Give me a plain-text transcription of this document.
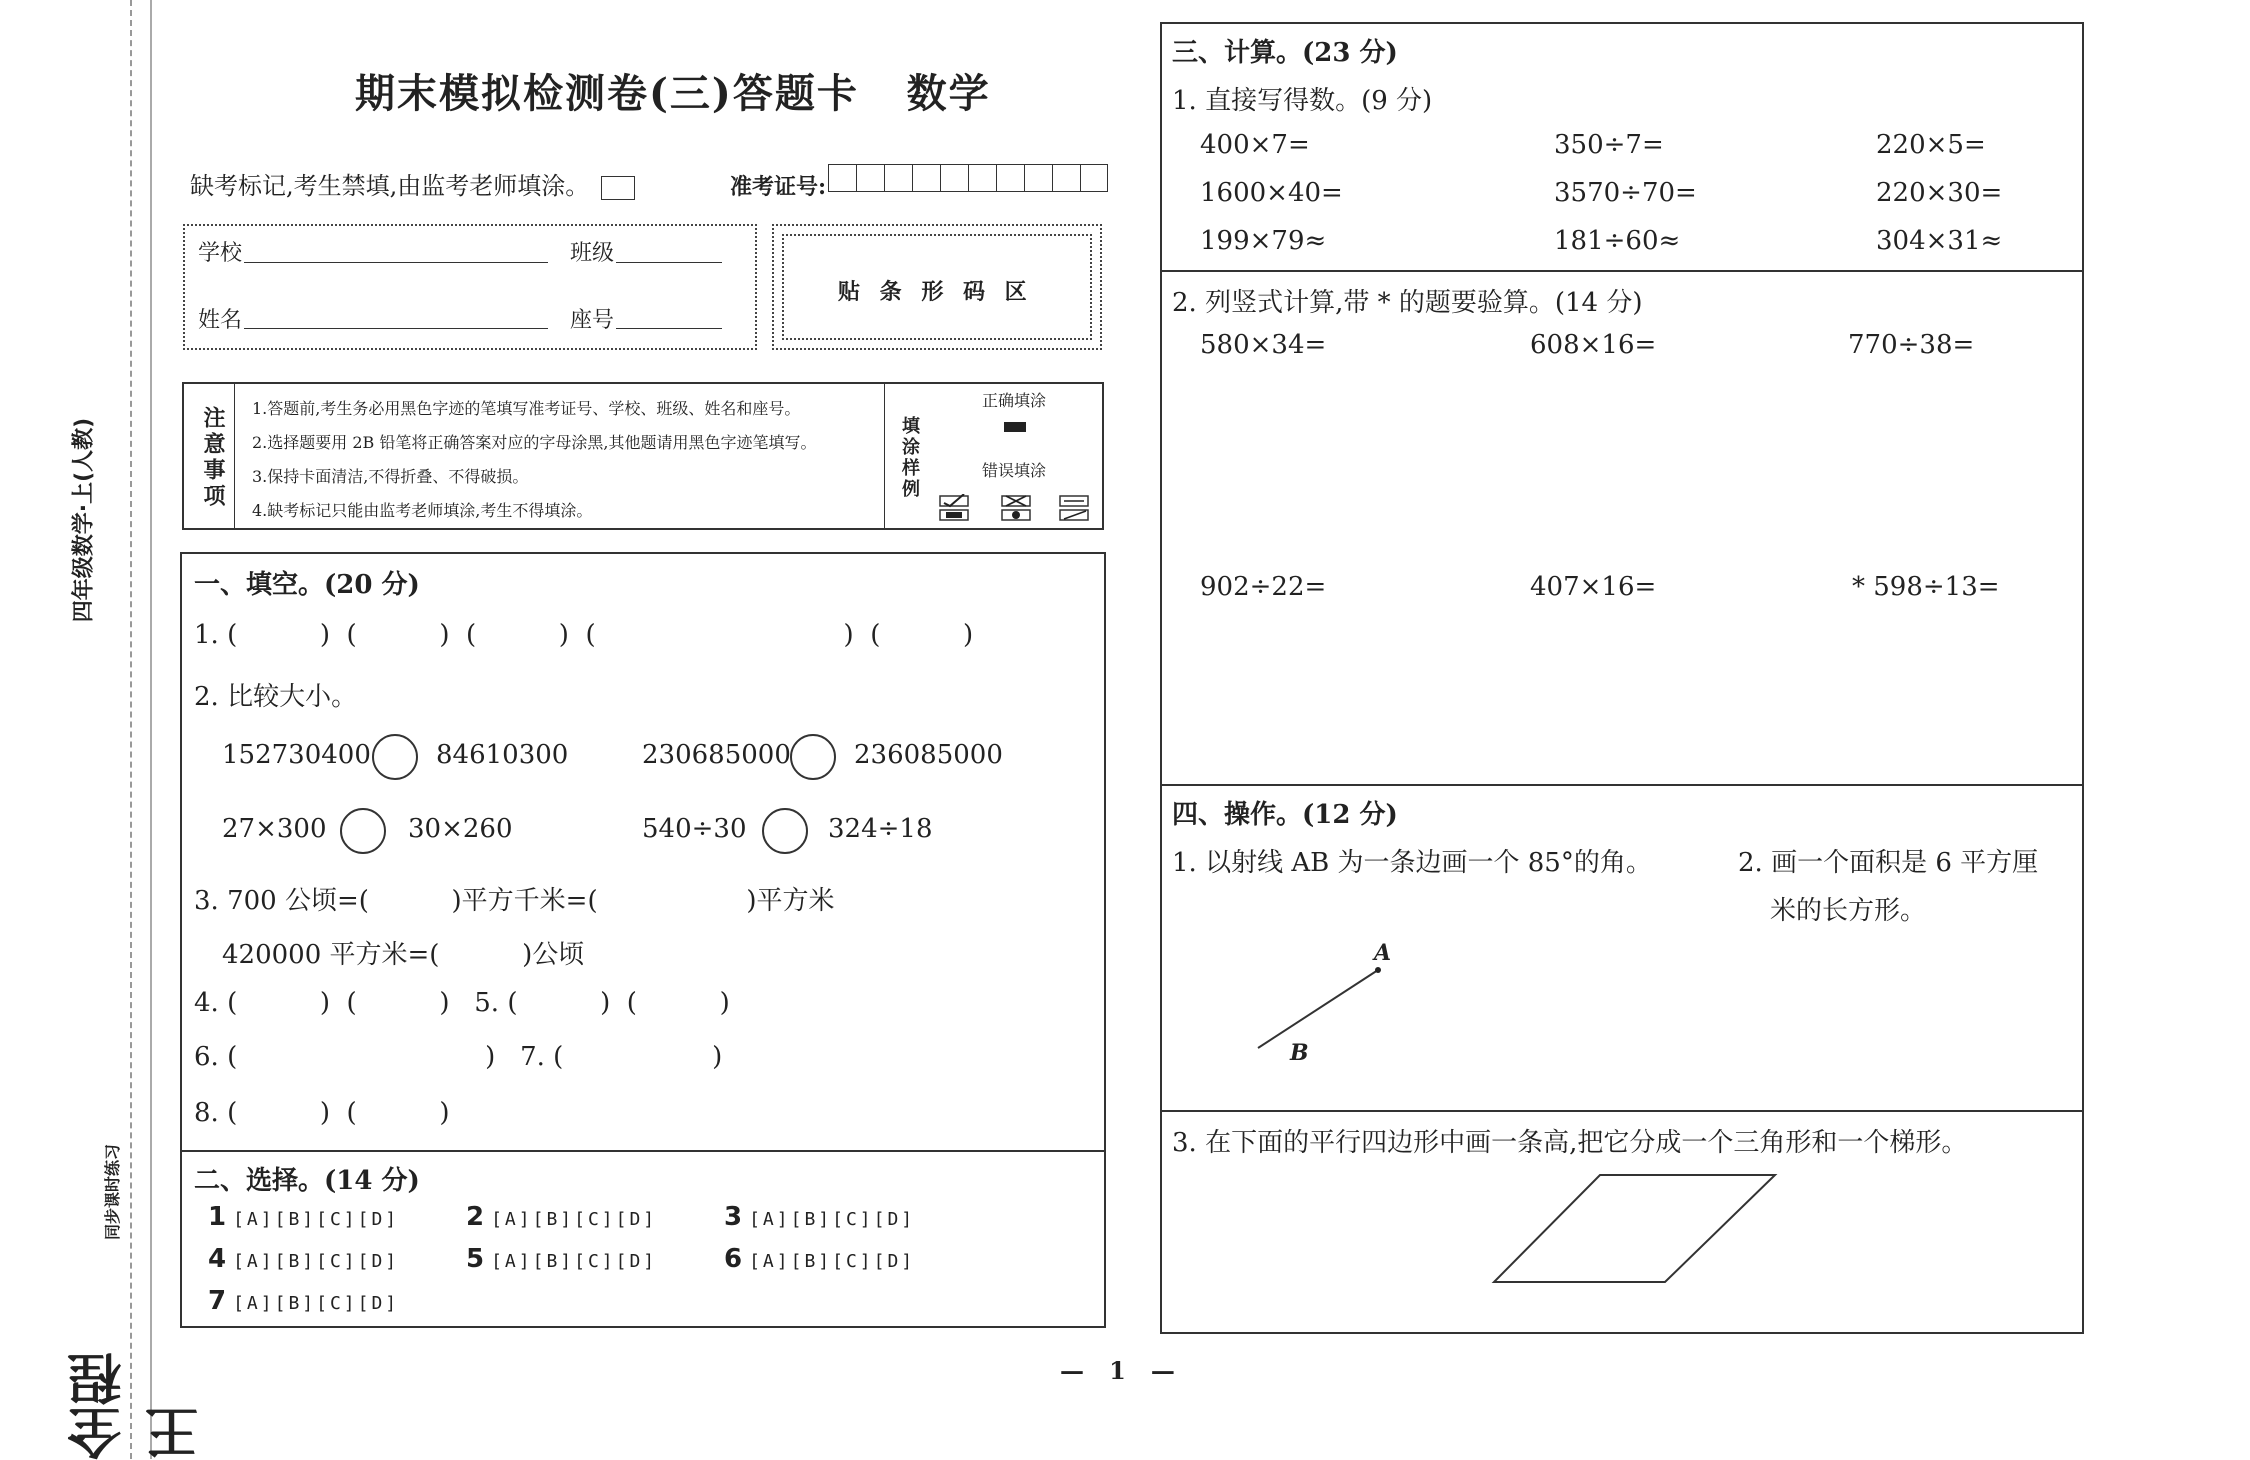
四年级数学·上(人教)
全程王
同步课时练习
期末模拟检测卷(三)答题卡   数学
缺考标记,考生禁填,由监考老师填涂。	准考证号:
学校	班级
姓名	座号
贴 条 形 码 区
注意事项 1.答题前,考生务必用黑色字迹的笔填写准考证号、学校、班级、姓名和座号。
2.选择题要用 2B 铅笔将正确答案对应的字母涂黑,其他题请用黑色字迹笔填写。
3.保持卡面清洁,不得折叠、不得破损。
4.缺考标记只能由监考老师填涂,考生不得填涂。
填涂样例
正确填涂
错误填涂
一、填空。(20 分)
1. (          )  (          )  (          )  (                              )  (          )
2. 比较大小。
152730400	84610300	230685000 236085000
27×300	30×260	540÷30	324÷18
3. 700 公顷=(          )平方千米=(                  )平方米
420000 平方米=(          )公顷
4. (          )  (          )   5. (          )  (          )
6. (                              )   7. (                  )
8. (          )  (          )
二、选择。(14 分)
1 [A][B][C][D]	2 [A][B][C][D]	3 [A][B][C][D]
4 [A][B][C][D]	5 [A][B][C][D]	6 [A][B][C][D]
7 [A][B][C][D]
三、计算。(23 分)
1. 直接写得数。(9 分)
400×7=	350÷7=	220×5=
1600×40=	3570÷70=	220×30=
199×79≈	181÷60≈	304×31≈
2. 列竖式计算,带 * 的题要验算。(14 分)
580×34=	608×16=	770÷38=
902÷22=	407×16=	* 598÷13=
四、操作。(12 分)
1. 以射线 AB 为一条边画一个 85°的角。	2. 画一个面积是 6 平方厘
米的长方形。
A
B
3. 在下面的平行四边形中画一条高,把它分成一个三角形和一个梯形。
—   1   —
